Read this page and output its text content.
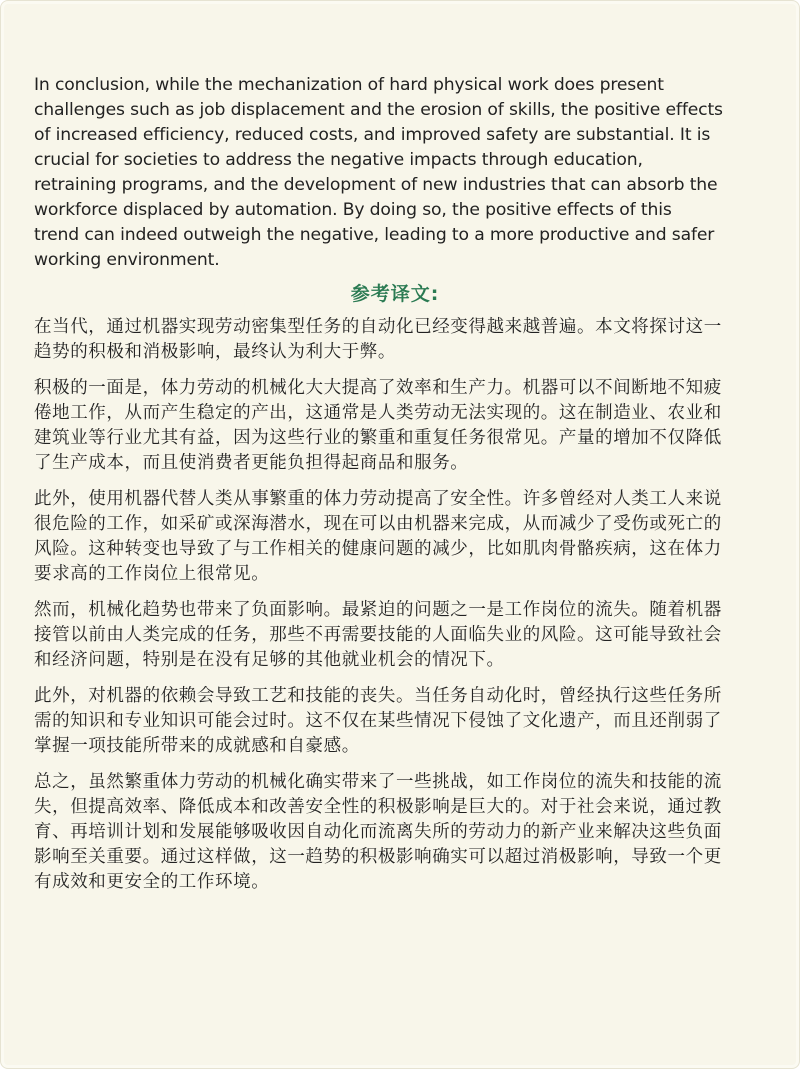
In conclusion, while the mechanization of hard physical work does present
challenges such as job displacement and the erosion of skills, the positive effects
of increased efficiency, reduced costs, and improved safety are substantial. It is
crucial for societies to address the negative impacts through education,
retraining programs, and the development of new industries that can absorb the
workforce displaced by automation. By doing so, the positive effects of this
trend can indeed outweigh the negative, leading to a more productive and safer
working environment.

参考译文:

在当代，通过机器实现劳动密集型任务的自动化已经变得越来越普遍。本文将探讨这一
趋势的积极和消极影响，最终认为利大于弊。

积极的一面是，体力劳动的机械化大大提高了效率和生产力。机器可以不间断地不知疲
倦地工作，从而产生稳定的产出，这通常是人类劳动无法实现的。这在制造业、农业和
建筑业等行业尤其有益，因为这些行业的繁重和重复任务很常见。产量的增加不仅降低
了生产成本，而且使消费者更能负担得起商品和服务。

此外，使用机器代替人类从事繁重的体力劳动提高了安全性。许多曾经对人类工人来说
很危险的工作，如采矿或深海潜水，现在可以由机器来完成，从而减少了受伤或死亡的
风险。这种转变也导致了与工作相关的健康问题的减少，比如肌肉骨骼疾病，这在体力
要求高的工作岗位上很常见。

然而，机械化趋势也带来了负面影响。最紧迫的问题之一是工作岗位的流失。随着机器
接管以前由人类完成的任务，那些不再需要技能的人面临失业的风险。这可能导致社会
和经济问题，特别是在没有足够的其他就业机会的情况下。

此外，对机器的依赖会导致工艺和技能的丧失。当任务自动化时，曾经执行这些任务所
需的知识和专业知识可能会过时。这不仅在某些情况下侵蚀了文化遗产，而且还削弱了
掌握一项技能所带来的成就感和自豪感。

总之，虽然繁重体力劳动的机械化确实带来了一些挑战，如工作岗位的流失和技能的流
失，但提高效率、降低成本和改善安全性的积极影响是巨大的。对于社会来说，通过教
育、再培训计划和发展能够吸收因自动化而流离失所的劳动力的新产业来解决这些负面
影响至关重要。通过这样做，这一趋势的积极影响确实可以超过消极影响，导致一个更
有成效和更安全的工作环境。
